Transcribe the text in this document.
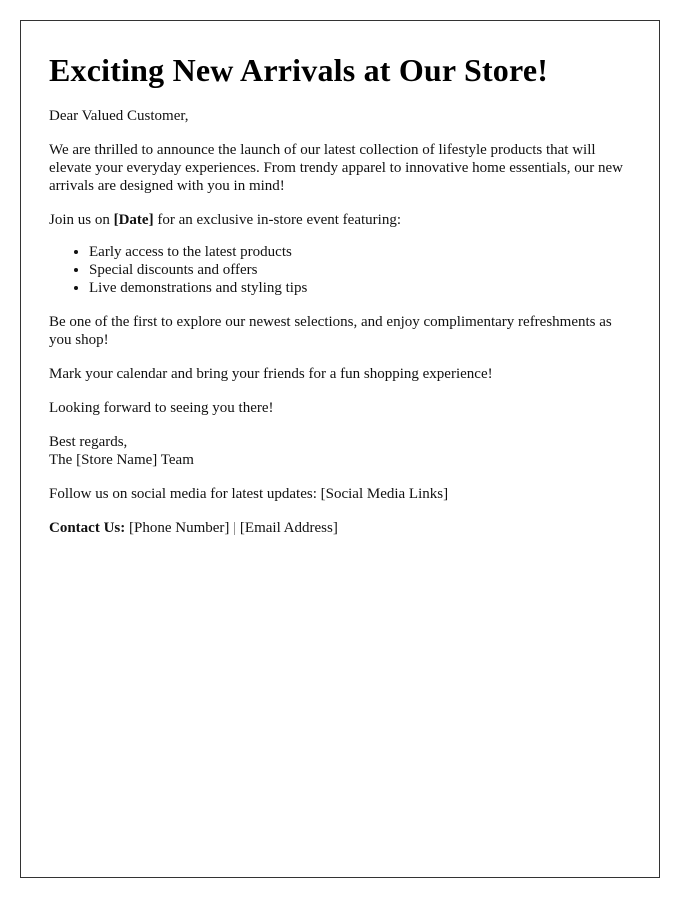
Exciting New Arrivals at Our Store!

Dear Valued Customer,

We are thrilled to announce the launch of our latest collection of lifestyle products that will elevate your everyday experiences. From trendy apparel to innovative home essentials, our new arrivals are designed with you in mind!

Join us on [Date] for an exclusive in-store event featuring:

• Early access to the latest products
• Special discounts and offers
• Live demonstrations and styling tips

Be one of the first to explore our newest selections, and enjoy complimentary refreshments as you shop!

Mark your calendar and bring your friends for a fun shopping experience!

Looking forward to seeing you there!

Best regards,
The [Store Name] Team

Follow us on social media for latest updates: [Social Media Links]

Contact Us: [Phone Number] | [Email Address]
